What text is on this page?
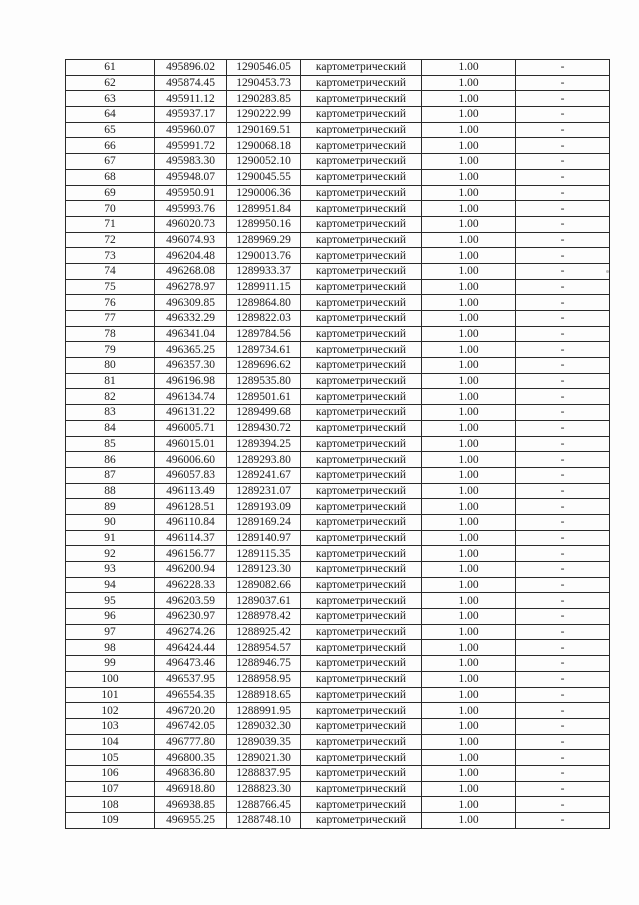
61	495896.02	1290546.05	картометрический	1.00	-
62	495874.45	1290453.73	картометрический	1.00	-
63	495911.12	1290283.85	картометрический	1.00	-
64	495937.17	1290222.99	картометрический	1.00	-
65	495960.07	1290169.51	картометрический	1.00	-
66	495991.72	1290068.18	картометрический	1.00	-
67	495983.30	1290052.10	картометрический	1.00	-
68	495948.07	1290045.55	картометрический	1.00	-
69	495950.91	1290006.36	картометрический	1.00	-
70	495993.76	1289951.84	картометрический	1.00	-
71	496020.73	1289950.16	картометрический	1.00	-
72	496074.93	1289969.29	картометрический	1.00	-
73	496204.48	1290013.76	картометрический	1.00	-
74	496268.08	1289933.37	картометрический	1.00	-
75	496278.97	1289911.15	картометрический	1.00	-
76	496309.85	1289864.80	картометрический	1.00	-
77	496332.29	1289822.03	картометрический	1.00	-
78	496341.04	1289784.56	картометрический	1.00	-
79	496365.25	1289734.61	картометрический	1.00	-
80	496357.30	1289696.62	картометрический	1.00	-
81	496196.98	1289535.80	картометрический	1.00	-
82	496134.74	1289501.61	картометрический	1.00	-
83	496131.22	1289499.68	картометрический	1.00	-
84	496005.71	1289430.72	картометрический	1.00	-
85	496015.01	1289394.25	картометрический	1.00	-
86	496006.60	1289293.80	картометрический	1.00	-
87	496057.83	1289241.67	картометрический	1.00	-
88	496113.49	1289231.07	картометрический	1.00	-
89	496128.51	1289193.09	картометрический	1.00	-
90	496110.84	1289169.24	картометрический	1.00	-
91	496114.37	1289140.97	картометрический	1.00	-
92	496156.77	1289115.35	картометрический	1.00	-
93	496200.94	1289123.30	картометрический	1.00	-
94	496228.33	1289082.66	картометрический	1.00	-
95	496203.59	1289037.61	картометрический	1.00	-
96	496230.97	1288978.42	картометрический	1.00	-
97	496274.26	1288925.42	картометрический	1.00	-
98	496424.44	1288954.57	картометрический	1.00	-
99	496473.46	1288946.75	картометрический	1.00	-
100	496537.95	1288958.95	картометрический	1.00	-
101	496554.35	1288918.65	картометрический	1.00	-
102	496720.20	1288991.95	картометрический	1.00	-
103	496742.05	1289032.30	картометрический	1.00	-
104	496777.80	1289039.35	картометрический	1.00	-
105	496800.35	1289021.30	картометрический	1.00	-
106	496836.80	1288837.95	картометрический	1.00	-
107	496918.80	1288823.30	картометрический	1.00	-
108	496938.85	1288766.45	картометрический	1.00	-
109	496955.25	1288748.10	картометрический	1.00	-
